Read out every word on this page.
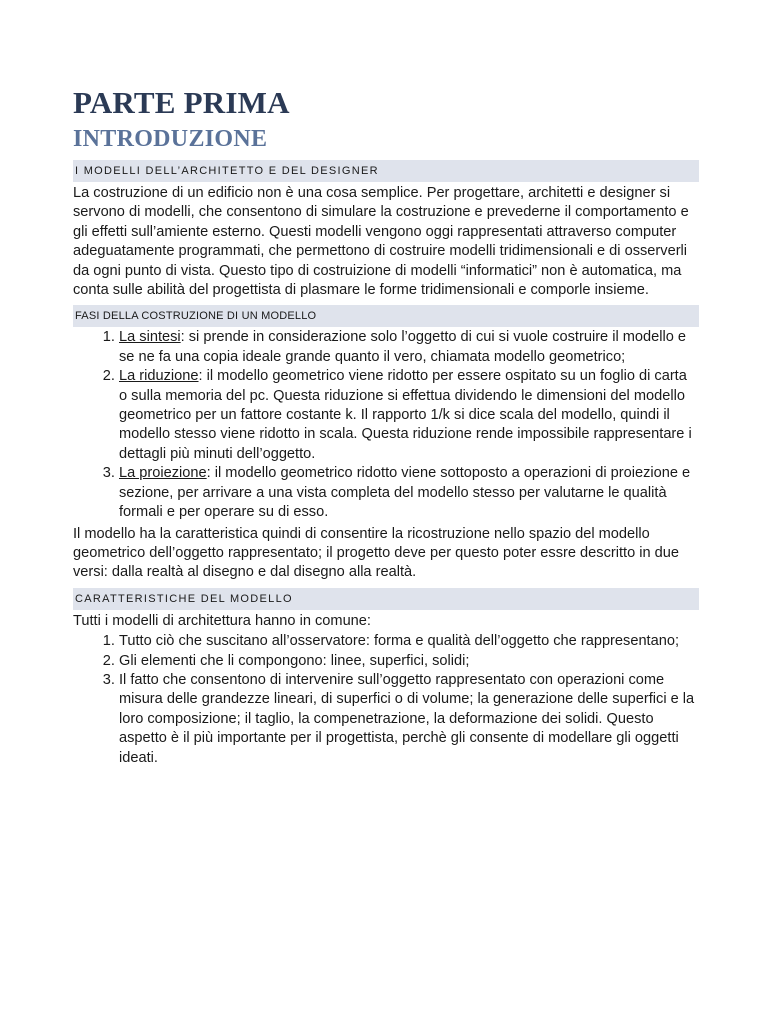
PARTE PRIMA
INTRODUZIONE
I MODELLI DELL’ARCHITETTO E DEL DESIGNER

La costruzione di un edificio non è una cosa semplice. Per progettare, architetti e designer si servono di modelli, che consentono di simulare la costruzione e prevederne il comportamento e gli effetti sull’amiente esterno. Questi modelli vengono oggi rappresentati attraverso computer adeguatamente programmati, che permettono di costruire modelli tridimensionali e di osserverli da ogni punto di vista. Questo tipo di costruizione di modelli “informatici” non è automatica, ma conta sulle abilità del progettista di plasmare le forme tridimensionali e comporle insieme.

FASI DELLA COSTRUZIONE DI UN MODELLO
1. La sintesi: si prende in considerazione solo l’oggetto di cui si vuole costruire il modello e se ne fa una copia ideale grande quanto il vero, chiamata modello geometrico;
2. La riduzione: il modello geometrico viene ridotto per essere ospitato su un foglio di carta o sulla memoria del pc. Questa riduzione si effettua dividendo le dimensioni del modello geometrico per un fattore costante k. Il rapporto 1/k si dice scala del modello, quindi il modello stesso viene ridotto in scala. Questa riduzione rende impossibile rappresentare i dettagli più minuti dell’oggetto.
3. La proiezione: il modello geometrico ridotto viene sottoposto a operazioni di proiezione e sezione, per arrivare a una vista completa del modello stesso per valutarne le qualità formali e per operare su di esso.

Il modello ha la caratteristica quindi di consentire la ricostruzione nello spazio del modello geometrico dell’oggetto rappresentato; il progetto deve per questo poter essre descritto in due versi: dalla realtà al disegno e dal disegno alla realtà.

CARATTERISTICHE DEL MODELLO

Tutti i modelli di architettura hanno in comune:

1. Tutto ciò che suscitano all’osservatore: forma e qualità dell’oggetto che rappresentano;
2. Gli elementi che li compongono: linee, superfici, solidi;
3. Il fatto che consentono di intervenire sull’oggetto rappresentato con operazioni come misura delle grandezze lineari, di superfici o di volume; la generazione delle superfici e la loro composizione; il taglio, la compenetrazione, la deformazione dei solidi. Questo aspetto è il più importante per il progettista, perchè gli consente di modellare gli oggetti ideati.
